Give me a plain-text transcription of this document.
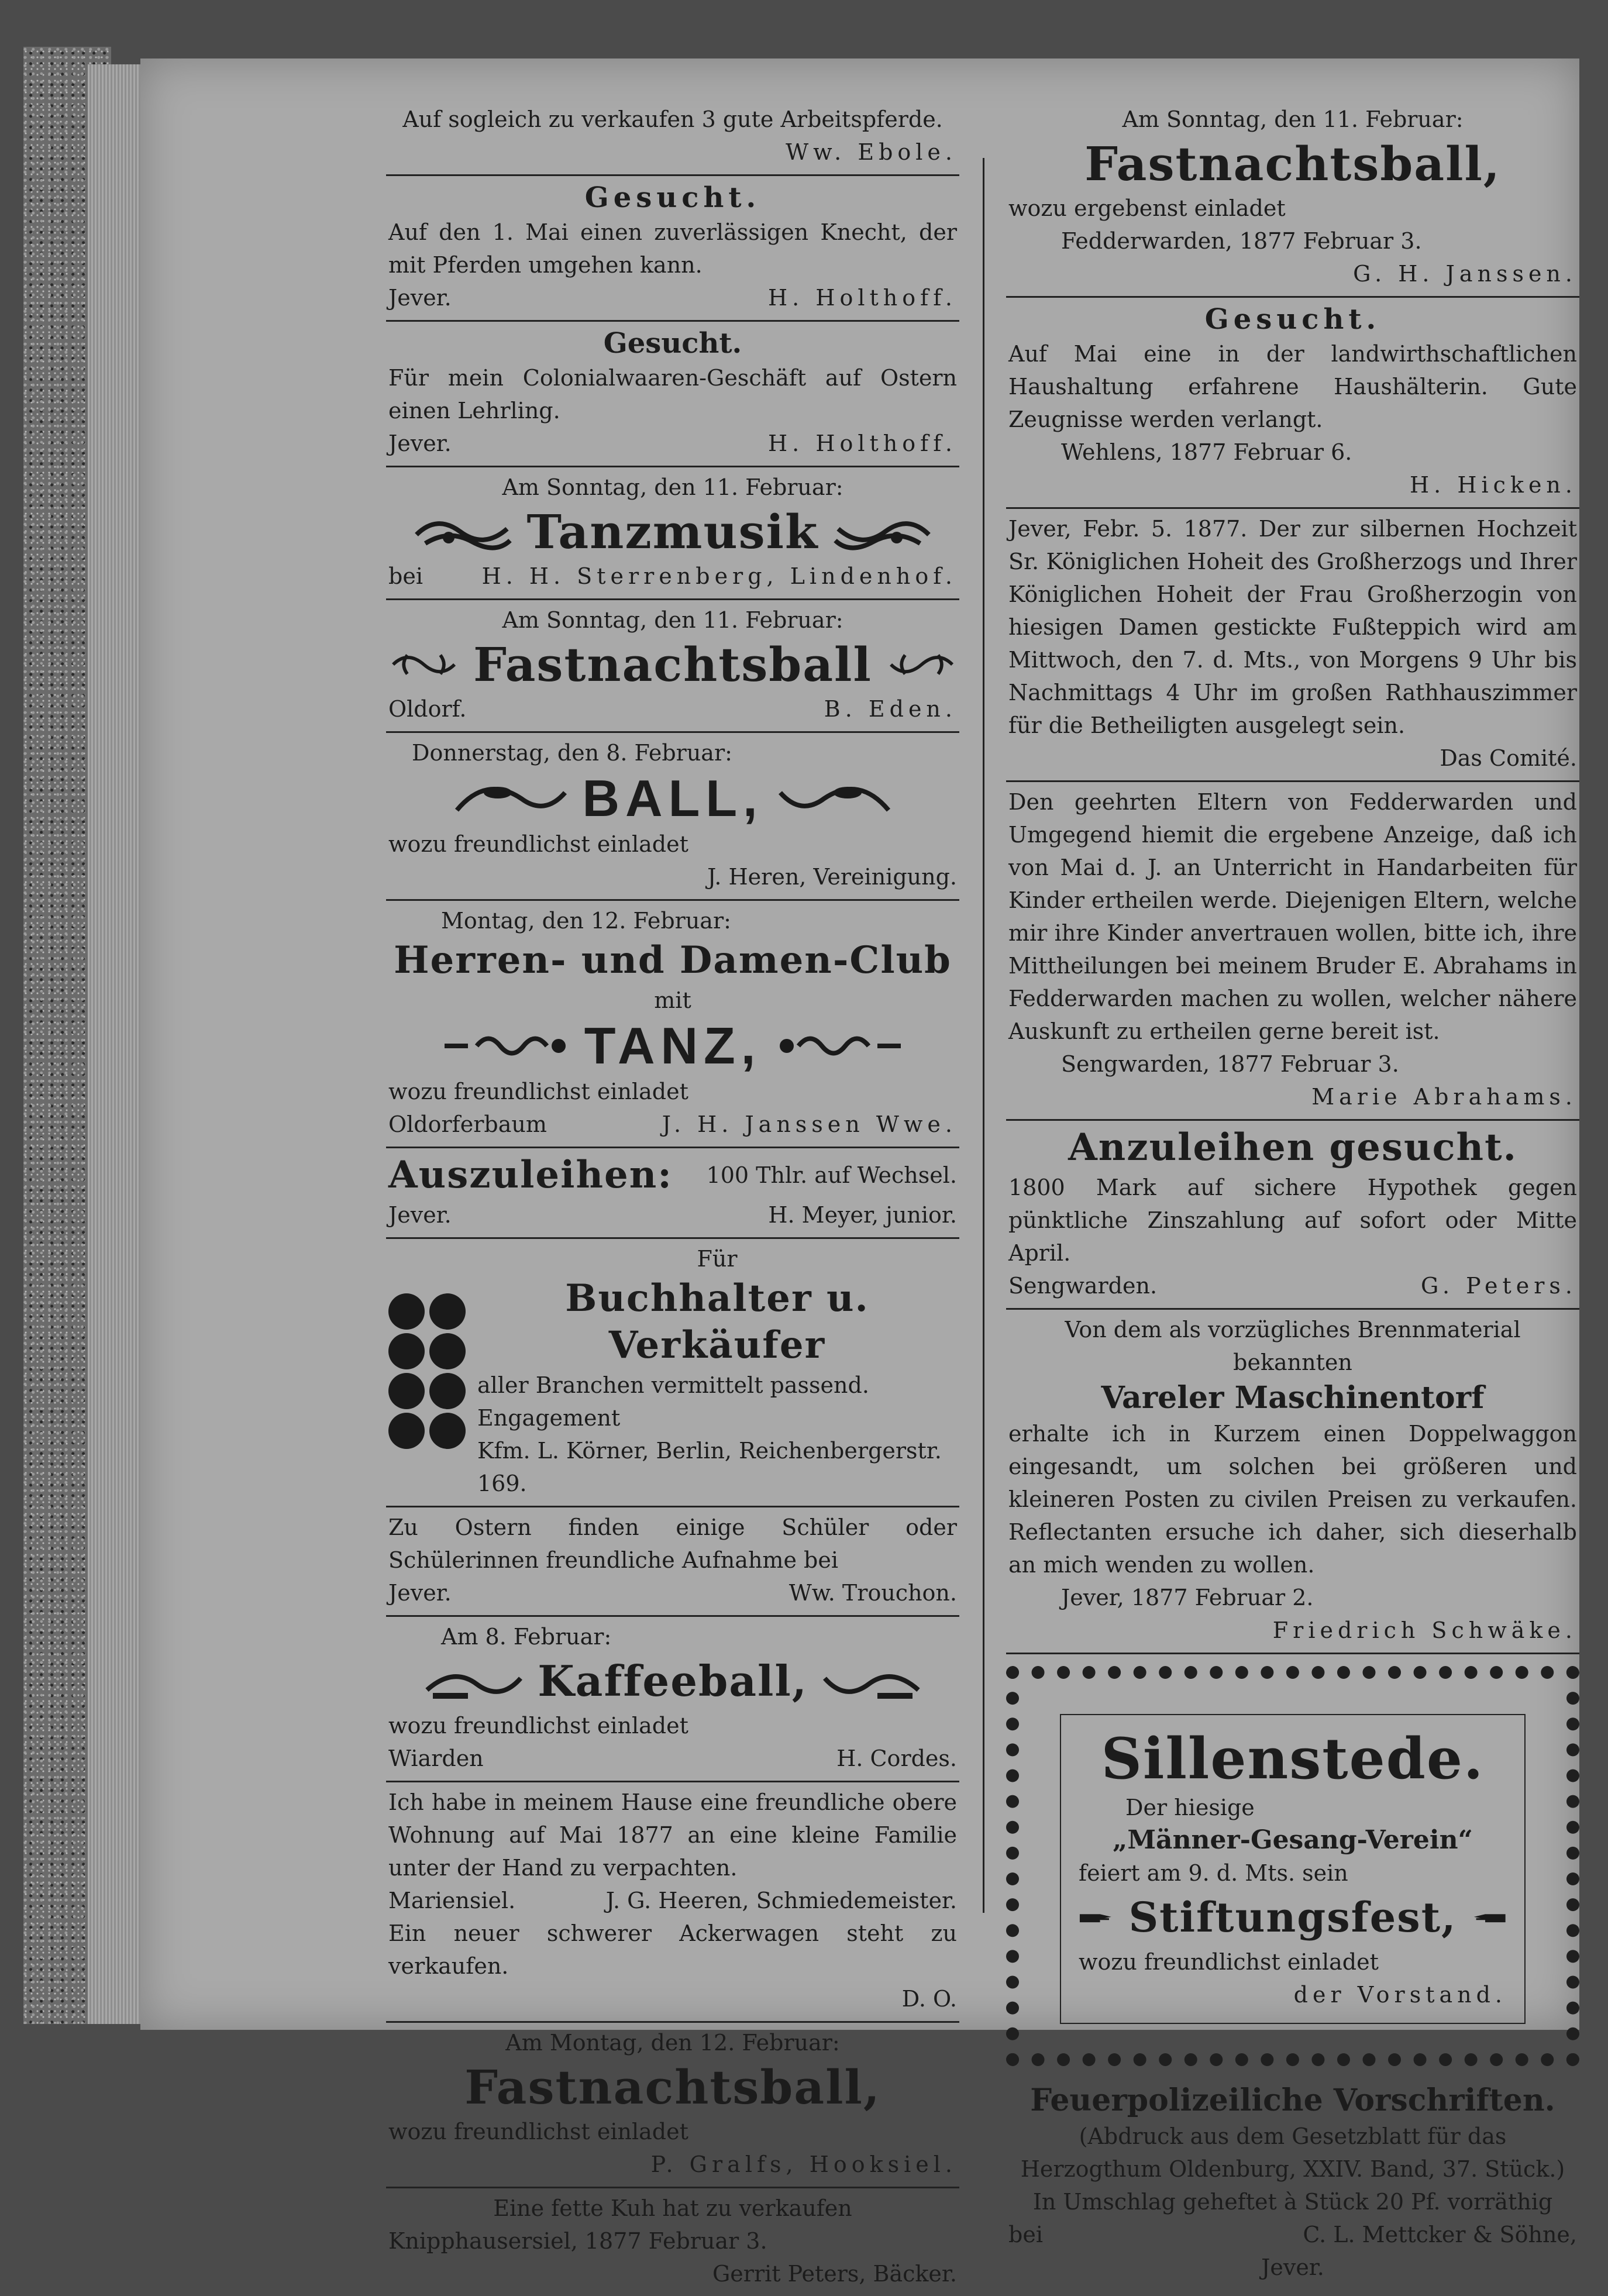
Auf sogleich zu verkaufen 3 gute Arbeitspferde.
Ww. Ebole.
Gesucht.
Auf den 1. Mai einen zuverlässigen Knecht, der mit Pferden umgehen kann.
Jever.	H. Holthoff.
Gesucht.
Für mein Colonialwaaren-Geschäft auf Ostern einen Lehrling.
Jever.	H. Holthoff.
Am Sonntag, den 11. Februar:
Tanzmusik
bei	H. H. Sterrenberg, Lindenhof.
Am Sonntag, den 11. Februar:
Fastnachtsball
Oldorf.	B. Eden.
Donnerstag, den 8. Februar:
BALL,
wozu freundlichst einladet
J. Heren, Vereinigung.
Montag, den 12. Februar:
Herren- und Damen-Club
mit
TANZ,
wozu freundlichst einladet
Oldorferbaum	J. H. Janssen Wwe.
Auszuleihen: 100 Thlr. auf Wechsel.
Jever.	H. Meyer, junior.
Für
Buchhalter u. Verkäufer
aller Branchen vermittelt passend. Engagement
Kfm. L. Körner, Berlin, Reichenbergerstr. 169.
Zu Ostern finden einige Schüler oder Schülerinnen freundliche Aufnahme bei
Jever.	Ww. Trouchon.
Am 8. Februar:
Kaffeeball,
wozu freundlichst einladet
Wiarden	H. Cordes.
Ich habe in meinem Hause eine freundliche obere Wohnung auf Mai 1877 an eine kleine Familie unter der Hand zu verpachten.
Mariensiel.	J. G. Heeren, Schmiedemeister.
Ein neuer schwerer Ackerwagen steht zu verkaufen.
D. O.
Am Montag, den 12. Februar:
Fastnachtsball,
wozu freundlichst einladet
P. Gralfs, Hooksiel.
Eine fette Kuh hat zu verkaufen
Knipphausersiel, 1877 Februar 3.
Gerrit Peters, Bäcker.
Am Sonntag, den 11. Februar:
Fastnachtsball,
wozu ergebenst einladet
Fedderwarden, 1877 Februar 3.
G. H. Janssen.
Gesucht.
Auf Mai eine in der landwirthschaftlichen Haushaltung erfahrene Haushälterin. Gute Zeugnisse werden verlangt.
Wehlens, 1877 Februar 6.
H. Hicken.
Jever, Febr. 5. 1877. Der zur silbernen Hochzeit Sr. Königlichen Hoheit des Großherzogs und Ihrer Königlichen Hoheit der Frau Großherzogin von hiesigen Damen gestickte Fußteppich wird am Mittwoch, den 7. d. Mts., von Morgens 9 Uhr bis Nachmittags 4 Uhr im großen Rathhauszimmer für die Betheiligten ausgelegt sein.
Das Comité.
Den geehrten Eltern von Fedderwarden und Umgegend hiemit die ergebene Anzeige, daß ich von Mai d. J. an Unterricht in Handarbeiten für Kinder ertheilen werde. Diejenigen Eltern, welche mir ihre Kinder anvertrauen wollen, bitte ich, ihre Mittheilungen bei meinem Bruder E. Abrahams in Fedderwarden machen zu wollen, welcher nähere Auskunft zu ertheilen gerne bereit ist.
Sengwarden, 1877 Februar 3.
Marie Abrahams.
Anzuleihen gesucht.
1800 Mark auf sichere Hypothek gegen pünktliche Zinszahlung auf sofort oder Mitte April.
Sengwarden.	G. Peters.
Von dem als vorzügliches Brennmaterial bekannten
Vareler Maschinentorf
erhalte ich in Kurzem einen Doppelwaggon eingesandt, um solchen bei größeren und kleineren Posten zu civilen Preisen zu verkaufen. Reflectanten ersuche ich daher, sich dieserhalb an mich wenden zu wollen.
Jever, 1877 Februar 2.
Friedrich Schwäke.
Sillenstede.
Der hiesige
„Männer-Gesang-Verein“
feiert am 9. d. Mts. sein
Stiftungsfest,
wozu freundlichst einladet
der Vorstand.
Feuerpolizeiliche Vorschriften.
(Abdruck aus dem Gesetzblatt für das Herzogthum Oldenburg, XXIV. Band, 37. Stück.)
In Umschlag geheftet à Stück 20 Pf. vorräthig
bei	C. L. Mettcker & Söhne,
Jever.
